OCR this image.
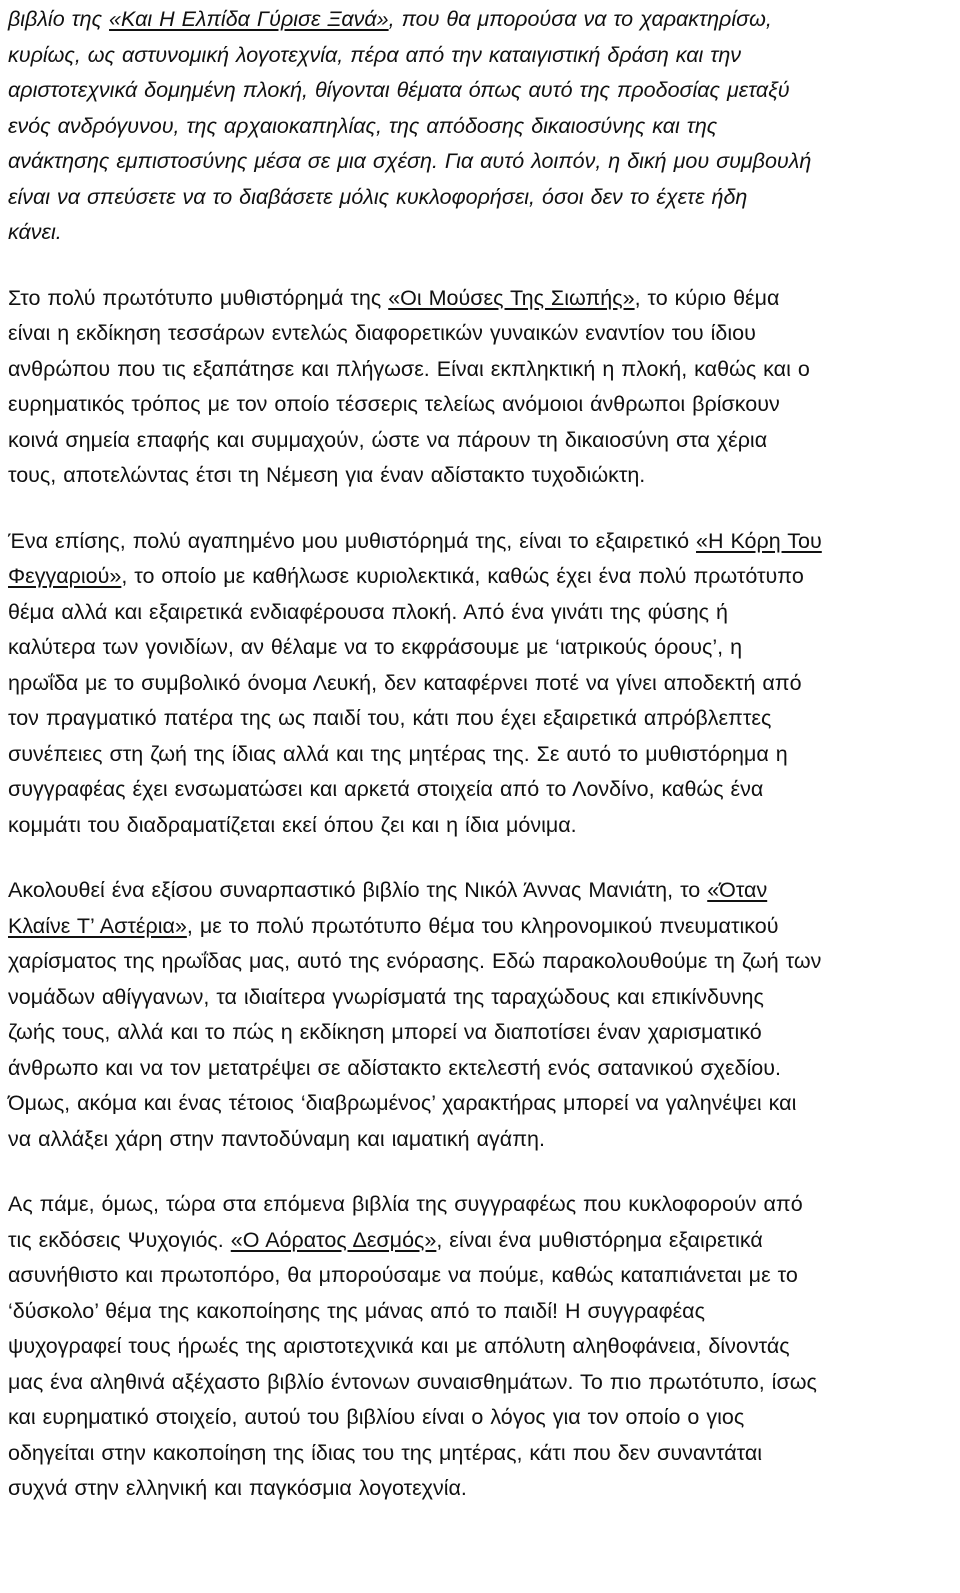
βιβλίο της «Και Η Ελπίδα Γύρισε Ξανά», που θα μπορούσα να το χαρακτηρίσω,
κυρίως, ως αστυνομική λογοτεχνία, πέρα από την καταιγιστική δράση και την
αριστοτεχνικά δομημένη πλοκή, θίγονται θέματα όπως αυτό της προδοσίας μεταξύ
ενός ανδρόγυνου, της αρχαιοκαπηλίας, της απόδοσης δικαιοσύνης και της
ανάκτησης εμπιστοσύνης μέσα σε μια σχέση. Για αυτό λοιπόν, η δική μου συμβουλή
είναι να σπεύσετε να το διαβάσετε μόλις κυκλοφορήσει, όσοι δεν το έχετε ήδη
κάνει.

Στο πολύ πρωτότυπο μυθιστόρημά της «Οι Μούσες Της Σιωπής», το κύριο θέμα
είναι η εκδίκηση τεσσάρων εντελώς διαφορετικών γυναικών εναντίον του ίδιου
ανθρώπου που τις εξαπάτησε και πλήγωσε. Είναι εκπληκτική η πλοκή, καθώς και ο
ευρηματικός τρόπος με τον οποίο τέσσερις τελείως ανόμοιοι άνθρωποι βρίσκουν
κοινά σημεία επαφής και συμμαχούν, ώστε να πάρουν τη δικαιοσύνη στα χέρια
τους, αποτελώντας έτσι τη Νέμεση για έναν αδίστακτο τυχοδιώκτη.

Ένα επίσης, πολύ αγαπημένο μου μυθιστόρημά της, είναι το εξαιρετικό «Η Κόρη Του
Φεγγαριού», το οποίο με καθήλωσε κυριολεκτικά, καθώς έχει ένα πολύ πρωτότυπο
θέμα αλλά και εξαιρετικά ενδιαφέρουσα πλοκή. Από ένα γινάτι της φύσης ή
καλύτερα των γονιδίων, αν θέλαμε να το εκφράσουμε με ‘ιατρικούς όρους’, η
ηρωΐδα με το συμβολικό όνομα Λευκή, δεν καταφέρνει ποτέ να γίνει αποδεκτή από
τον πραγματικό πατέρα της ως παιδί του, κάτι που έχει εξαιρετικά απρόβλεπτες
συνέπειες στη ζωή της ίδιας αλλά και της μητέρας της. Σε αυτό το μυθιστόρημα η
συγγραφέας έχει ενσωματώσει και αρκετά στοιχεία από το Λονδίνο, καθώς ένα
κομμάτι του διαδραματίζεται εκεί όπου ζει και η ίδια μόνιμα.

Ακολουθεί ένα εξίσου συναρπαστικό βιβλίο της Νικόλ Άννας Μανιάτη, το «Όταν
Κλαίνε Τ’ Αστέρια», με το πολύ πρωτότυπο θέμα του κληρονομικού πνευματικού
χαρίσματος της ηρωΐδας μας, αυτό της ενόρασης. Εδώ παρακολουθούμε τη ζωή των
νομάδων αθίγγανων, τα ιδιαίτερα γνωρίσματά της ταραχώδους και επικίνδυνης
ζωής τους, αλλά και το πώς η εκδίκηση μπορεί να διαποτίσει έναν χαρισματικό
άνθρωπο και να τον μετατρέψει σε αδίστακτο εκτελεστή ενός σατανικού σχεδίου.
Όμως, ακόμα και ένας τέτοιος ‘διαβρωμένος’ χαρακτήρας μπορεί να γαληνέψει και
να αλλάξει χάρη στην παντοδύναμη και ιαματική αγάπη.

Ας πάμε, όμως, τώρα στα επόμενα βιβλία της συγγραφέως που κυκλοφορούν από
τις εκδόσεις Ψυχογιός. «Ο Αόρατος Δεσμός», είναι ένα μυθιστόρημα εξαιρετικά
ασυνήθιστο και πρωτοπόρο, θα μπορούσαμε να πούμε, καθώς καταπιάνεται με το
‘δύσκολο’ θέμα της κακοποίησης της μάνας από το παιδί! Η συγγραφέας
ψυχογραφεί τους ήρωές της αριστοτεχνικά και με απόλυτη αληθοφάνεια, δίνοντάς
μας ένα αληθινά αξέχαστο βιβλίο έντονων συναισθημάτων. Το πιο πρωτότυπο, ίσως
και ευρηματικό στοιχείο, αυτού του βιβλίου είναι ο λόγος για τον οποίο ο γιος
οδηγείται στην κακοποίηση της ίδιας του της μητέρας, κάτι που δεν συναντάται
συχνά στην ελληνική και παγκόσμια λογοτεχνία.
